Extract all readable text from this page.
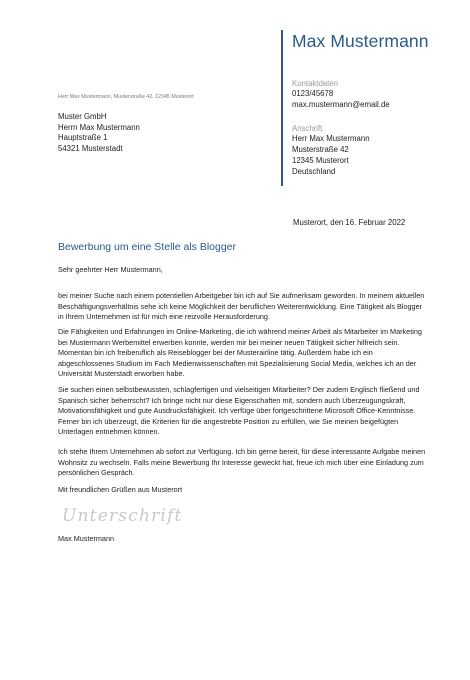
Max Mustermann
Kontaktdaten
0123/45678
max.mustermann@email.de
Anschrift
Herr Max Mustermann
Musterstraße 42
12345 Musterort
Deutschland
Herr Max Mustermann, Musterstraße 42, 12345 Musterort
Muster GmbH
Herrn Max Mustermann
Hauptstraße 1
54321 Musterstadt
Musterort, den 16. Februar 2022
Bewerbung um eine Stelle als Blogger

Sehr geehrter Herr Mustermann,

bei meiner Suche nach einem potentiellen Arbeitgeber bin ich auf Sie aufmerksam geworden. In meinem aktuellen Beschäftigungsverhältnis sehe ich keine Möglichkeit der beruflichen Weiterentwicklung. Eine Tätigkeit als Blogger in Ihrem Unternehmen ist für mich eine reizvolle Herausforderung.

Die Fähigkeiten und Erfahrungen im Online-Marketing, die ich während meiner Arbeit als Mitarbeiter im Marketing bei Mustermann Werbemittel erwerben konnte, werden mir bei meiner neuen Tätigkeit sicher hilfreich sein. Momentan bin ich freiberuflich als Reiseblogger bei der Musterairline tätig. Außerdem habe ich ein abgeschlossenes Studium im Fach Medienwissenschaften mit Spezialisierung Social Media, welches ich an der Universität Musterstadt erworben habe.

Sie suchen einen selbstbewussten, schlagfertigen und vielseitigen Mitarbeiter? Der zudem Englisch fließend und Spanisch sicher beherrscht? Ich bringe nicht nur diese Eigenschaften mit, sondern auch Überzeugungskraft, Motivationsfähigkeit und gute Ausdrucksfähigkeit. Ich verfüge über fortgeschrittene Microsoft Office-Kenntnisse. Ferner bin ich überzeugt, die Kriterien für die angestrebte Position zu erfüllen, wie Sie meinen beigefügten Unterlagen entnehmen können.

Ich stehe Ihrem Unternehmen ab sofort zur Verfügung. Ich bin gerne bereit, für diese interessante Aufgabe meinen Wohnsitz zu wechseln. Falls meine Bewerbung Ihr Interesse geweckt hat, freue ich mich über eine Einladung zum persönlichen Gespräch.

Mit freundlichen Grüßen aus Musterort

Unterschrift
Max Mustermann
